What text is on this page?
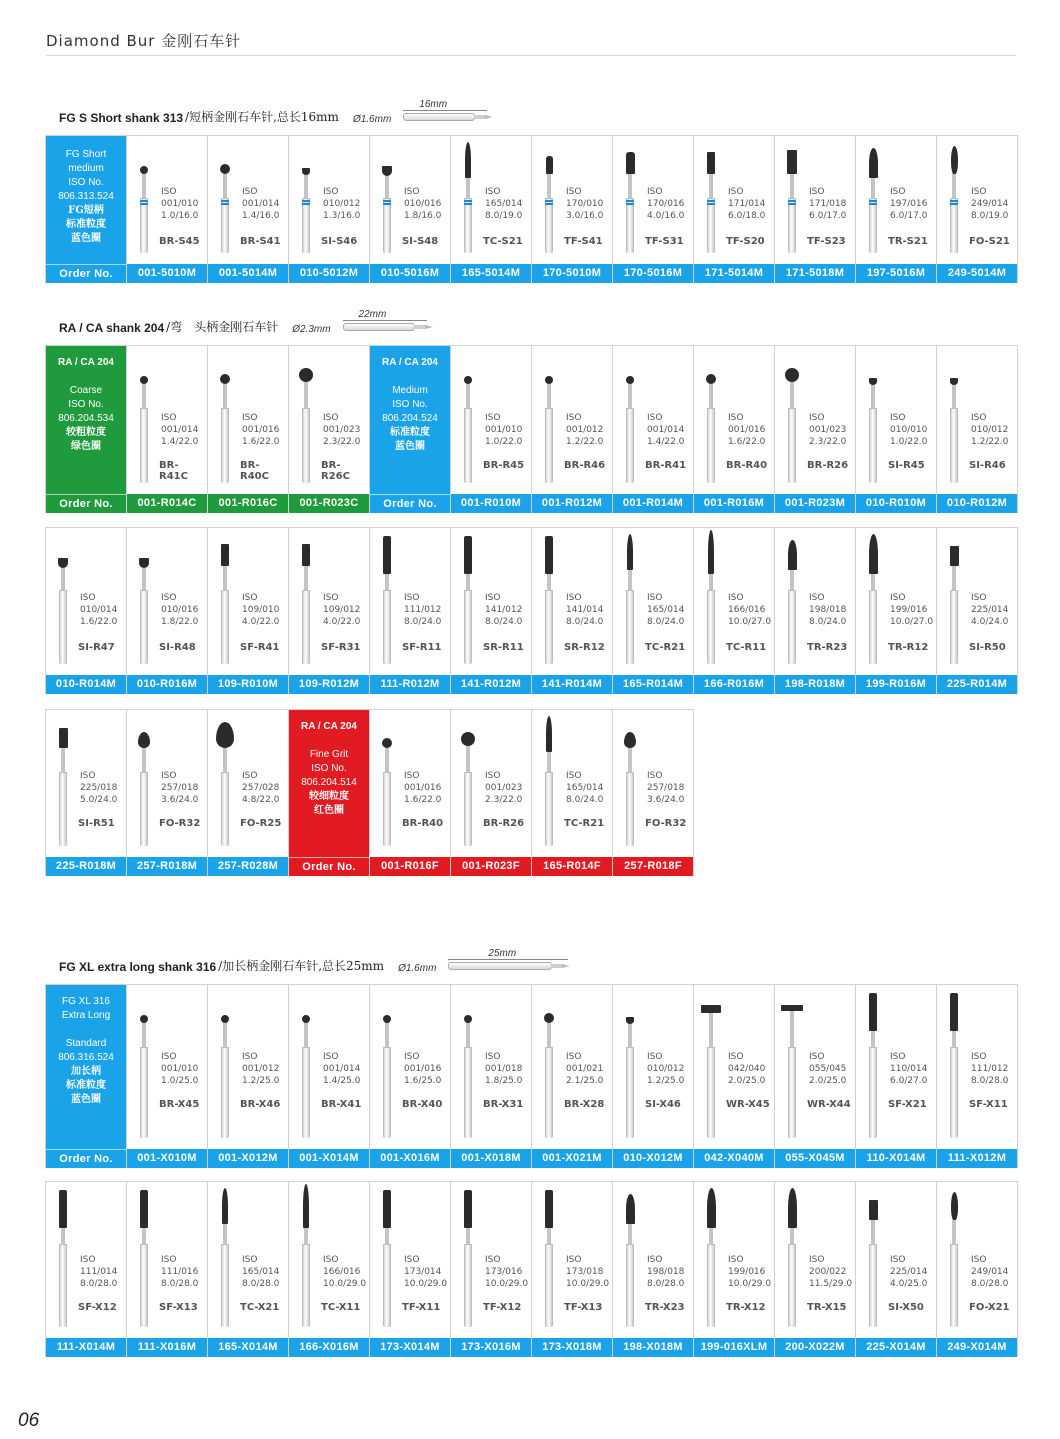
Diamond Bur 金刚石车针
FG S Short shank 313 /短柄金刚石车针,总长16mm Ø1.6mm
16mm
FG Short
medium
ISO No.
806.313.524
FG短柄
标准粒度
蓝色圈
Order No.
ISO
001/010
1.0/16.0
BR-S45
001-5010M
ISO
001/014
1.4/16.0
BR-S41
001-5014M
ISO
010/012
1.3/16.0
SI-S46
010-5012M
ISO
010/016
1.8/16.0
SI-S48
010-5016M
ISO
165/014
8.0/19.0
TC-S21
165-5014M
ISO
170/010
3.0/16.0
TF-S41
170-5010M
ISO
170/016
4.0/16.0
TF-S31
170-5016M
ISO
171/014
6.0/18.0
TF-S20
171-5014M
ISO
171/018
6.0/17.0
TF-S23
171-5018M
ISO
197/016
6.0/17.0
TR-S21
197-5016M
ISO
249/014
8.0/19.0
FO-S21
249-5014M
RA / CA shank 204 /弯　头柄金刚石车针 Ø2.3mm
22mm
RA / CA 204
Coarse
ISO No.
806.204.534
较粗粒度
绿色圈
Order No.
ISO
001/014
1.4/22.0
BR-R41C
001-R014C
ISO
001/016
1.6/22.0
BR-R40C
001-R016C
ISO
001/023
2.3/22.0
BR-R26C
001-R023C
RA / CA 204
Medium
ISO No.
806.204.524
标准粒度
蓝色圈
Order No.
ISO
001/010
1.0/22.0
BR-R45
001-R010M
ISO
001/012
1.2/22.0
BR-R46
001-R012M
ISO
001/014
1.4/22.0
BR-R41
001-R014M
ISO
001/016
1.6/22.0
BR-R40
001-R016M
ISO
001/023
2.3/22.0
BR-R26
001-R023M
ISO
010/010
1.0/22.0
SI-R45
010-R010M
ISO
010/012
1.2/22.0
SI-R46
010-R012M
ISO
010/014
1.6/22.0
SI-R47
010-R014M
ISO
010/016
1.8/22.0
SI-R48
010-R016M
ISO
109/010
4.0/22.0
SF-R41
109-R010M
ISO
109/012
4.0/22.0
SF-R31
109-R012M
ISO
111/012
8.0/24.0
SF-R11
111-R012M
ISO
141/012
8.0/24.0
SR-R11
141-R012M
ISO
141/014
8.0/24.0
SR-R12
141-R014M
ISO
165/014
8.0/24.0
TC-R21
165-R014M
ISO
166/016
10.0/27.0
TC-R11
166-R016M
ISO
198/018
8.0/24.0
TR-R23
198-R018M
ISO
199/016
10.0/27.0
TR-R12
199-R016M
ISO
225/014
4.0/24.0
SI-R50
225-R014M
ISO
225/018
5.0/24.0
SI-R51
225-R018M
ISO
257/018
3.6/24.0
FO-R32
257-R018M
ISO
257/028
4.8/22.0
FO-R25
257-R028M
RA / CA 204
Fine Grit
ISO No.
806.204.514
较细粒度
红色圈
Order No.
ISO
001/016
1.6/22.0
BR-R40
001-R016F
ISO
001/023
2.3/22.0
BR-R26
001-R023F
ISO
165/014
8.0/24.0
TC-R21
165-R014F
ISO
257/018
3.6/24.0
FO-R32
257-R018F
FG XL extra long shank 316 /加长柄金刚石车针,总长25mm Ø1.6mm
25mm
FG XL 316
Extra Long
Standard
806.316.524
加长柄
标准粒度
蓝色圈
Order No.
ISO
001/010
1.0/25.0
BR-X45
001-X010M
ISO
001/012
1.2/25.0
BR-X46
001-X012M
ISO
001/014
1.4/25.0
BR-X41
001-X014M
ISO
001/016
1.6/25.0
BR-X40
001-X016M
ISO
001/018
1.8/25.0
BR-X31
001-X018M
ISO
001/021
2.1/25.0
BR-X28
001-X021M
ISO
010/012
1.2/25.0
SI-X46
010-X012M
ISO
042/040
2.0/25.0
WR-X45
042-X040M
ISO
055/045
2.0/25.0
WR-X44
055-X045M
ISO
110/014
6.0/27.0
SF-X21
110-X014M
ISO
111/012
8.0/28.0
SF-X11
111-X012M
ISO
111/014
8.0/28.0
SF-X12
111-X014M
ISO
111/016
8.0/28.0
SF-X13
111-X016M
ISO
165/014
8.0/28.0
TC-X21
165-X014M
ISO
166/016
10.0/29.0
TC-X11
166-X016M
ISO
173/014
10.0/29.0
TF-X11
173-X014M
ISO
173/016
10.0/29.0
TF-X12
173-X016M
ISO
173/018
10.0/29.0
TF-X13
173-X018M
ISO
198/018
8.0/28.0
TR-X23
198-X018M
ISO
199/016
10.0/29.0
TR-X12
199-016XLM
ISO
200/022
11.5/29.0
TR-X15
200-X022M
ISO
225/014
4.0/25.0
SI-X50
225-X014M
ISO
249/014
8.0/28.0
FO-X21
249-X014M
06
